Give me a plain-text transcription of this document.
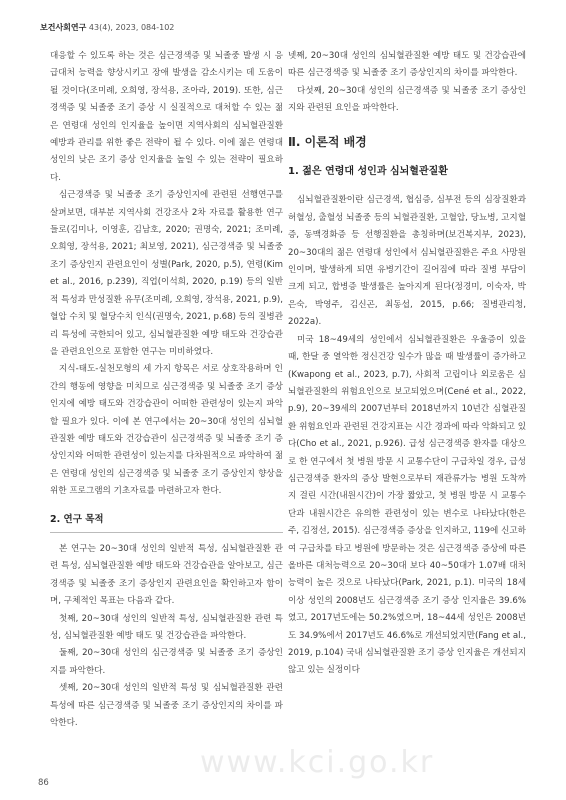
보건사회연구 43(4), 2023, 084-102

대응할 수 있도록 하는 것은 심근경색증 및 뇌졸중 발생 시 응급대처 능력을 향상시키고 장애 발생을 감소시키는 데 도움이 될 것이다(조미례, 오희영, 장석용, 조아라, 2019). 또한, 심근경색증 및 뇌졸중 조기 증상 시 실질적으로 대처할 수 있는 젊은 연령대 성인의 인지율을 높이면 지역사회의 심뇌혈관질환 예방과 관리를 위한 좋은 전략이 될 수 있다. 이에 젊은 연령대 성인의 낮은 조기 증상 인지율을 높일 수 있는 전략이 필요하다.

심근경색증 및 뇌졸중 조기 증상인지에 관련된 선행연구를 살펴보면, 대부분 지역사회 건강조사 2차 자료를 활용한 연구들로(김미나, 이영훈, 김남호, 2020; 권명숙, 2021; 조미례, 오희영, 장석용, 2021; 최보영, 2021), 심근경색증 및 뇌졸중 조기 증상인지 관련요인이 성별(Park, 2020, p.5), 연령(Kim et al., 2016, p.239), 직업(이석희, 2020, p.19) 등의 일반적 특성과 만성질환 유무(조미례, 오희영, 장석용, 2021, p.9), 혈압 수치 및 혈당수치 인식(권명숙, 2021, p.68) 등의 질병관리 특성에 국한되어 있고, 심뇌혈관질환 예방 태도와 건강습관을 관련요인으로 포함한 연구는 미비하였다.

지식-태도-실천모형의 세 가지 항목은 서로 상호작용하며 인간의 행동에 영향을 미치므로 심근경색증 및 뇌졸중 조기 증상인지에 예방 태도와 건강습관이 어떠한 관련성이 있는지 파악할 필요가 있다. 이에 본 연구에서는 20~30대 성인의 심뇌혈관질환 예방 태도와 건강습관이 심근경색증 및 뇌졸중 조기 증상인지와 어떠한 관련성이 있는지를 다차원적으로 파악하여 젊은 연령대 성인의 심근경색증 및 뇌졸중 조기 증상인지 향상을 위한 프로그램의 기초자료를 마련하고자 한다.

2. 연구 목적

본 연구는 20~30대 성인의 일반적 특성, 심뇌혈관질환 관련 특성, 심뇌혈관질환 예방 태도와 건강습관을 알아보고, 심근경색증 및 뇌졸중 조기 증상인지 관련요인을 확인하고자 함이며, 구체적인 목표는 다음과 같다.

첫째, 20~30대 성인의 일반적 특성, 심뇌혈관질환 관련 특성, 심뇌혈관질환 예방 태도 및 건강습관을 파악한다.

둘째, 20~30대 성인의 심근경색증 및 뇌졸중 조기 증상인지를 파악한다.

셋째, 20~30대 성인의 일반적 특성 및 심뇌혈관질환 관련 특성에 따른 심근경색증 및 뇌졸중 조기 증상인지의 차이를 파악한다.

넷째, 20~30대 성인의 심뇌혈관질환 예방 태도 및 건강습관에 따른 심근경색증 및 뇌졸중 조기 증상인지의 차이를 파악한다.

다섯째, 20~30대 성인의 심근경색증 및 뇌졸중 조기 증상인지와 관련된 요인을 파악한다.

Ⅱ. 이론적 배경
1. 젊은 연령대 성인과 심뇌혈관질환

심뇌혈관질환이란 심근경색, 협심증, 심부전 등의 심장질환과 허혈성, 출혈성 뇌졸중 등의 뇌혈관질환, 고혈압, 당뇨병, 고지혈증, 동맥경화증 등 선행질환을 총칭하며(보건복지부, 2023), 20~30대의 젊은 연령대 성인에서 심뇌혈관질환은 주요 사망원인이며, 발생하게 되면 유병기간이 길어짐에 따라 질병 부담이 크게 되고, 합병증 발생률은 높아지게 된다(정경미, 이숙자, 박은숙, 박영주, 김신곤, 최동섭, 2015, p.66; 질병관리청, 2022a).

미국 18~49세의 성인에서 심뇌혈관질환은 우울증이 있을 때, 한달 중 열악한 정신건강 일수가 많을 때 발생률이 증가하고(Kwapong et al., 2023, p.7), 사회적 고립이나 외로움은 심뇌혈관질환의 위험요인으로 보고되었으며(Cené et al., 2022, p.9), 20~39세의 2007년부터 2018년까지 10년간 심혈관질환 위험요인과 관련된 건강지표는 시간 경과에 따라 악화되고 있다(Cho et al., 2021, p.926). 급성 심근경색증 환자를 대상으로 한 연구에서 첫 병원 방문 시 교통수단이 구급차일 경우, 급성심근경색증 환자의 증상 발현으로부터 재관류가능 병원 도착까지 걸린 시간(내원시간)이 가장 짧았고, 첫 병원 방문 시 교통수단과 내원시간은 유의한 관련성이 있는 변수로 나타났다(한은주, 김정선, 2015). 심근경색증 증상을 인지하고, 119에 신고하여 구급차를 타고 병원에 방문하는 것은 심근경색증 증상에 따른 올바른 대처능력으로 20~30대 보다 40~50대가 1.07배 대처능력이 높은 것으로 나타났다(Park, 2021, p.1). 미국의 18세 이상 성인의 2008년도 심근경색증 조기 증상 인지율은 39.6%였고, 2017년도에는 50.2%였으며, 18~44세 성인은 2008년도 34.9%에서 2017년도 46.6%로 개선되었지만(Fang et al., 2019, p.104) 국내 심뇌혈관질환 조기 증상 인지율은 개선되지 않고 있는 실정이다

www.kci.go.kr
86
